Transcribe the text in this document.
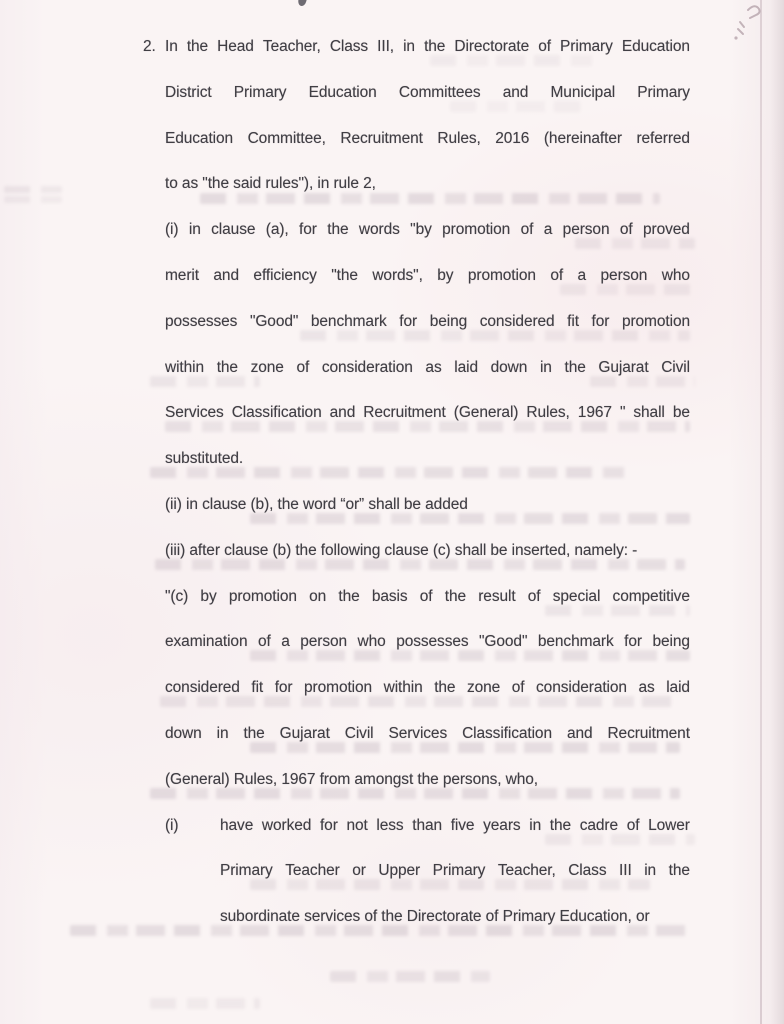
2. In the Head Teacher, Class III, in the Directorate of Primary Education
District Primary Education Committees and Municipal Primary
Education Committee, Recruitment Rules, 2016 (hereinafter referred
to as "the said rules"), in rule 2,
(i) in clause (a), for the words "by promotion of a person of proved
merit and efficiency "the words", by promotion of a person who
possesses "Good" benchmark for being considered fit for promotion
within the zone of consideration as laid down in the Gujarat Civil
Services Classification and Recruitment (General) Rules, 1967 " shall be
substituted.
(ii) in clause (b), the word “or” shall be added
(iii) after clause (b) the following clause (c) shall be inserted, namely: -
"(c) by promotion on the basis of the result of special competitive
examination of a person who possesses "Good" benchmark for being
considered fit for promotion within the zone of consideration as laid
down in the Gujarat Civil Services Classification and Recruitment
(General) Rules, 1967 from amongst the persons, who,
(i)	have worked for not less than five years in the cadre of Lower
Primary Teacher or Upper Primary Teacher, Class III in the
subordinate services of the Directorate of Primary Education, or
